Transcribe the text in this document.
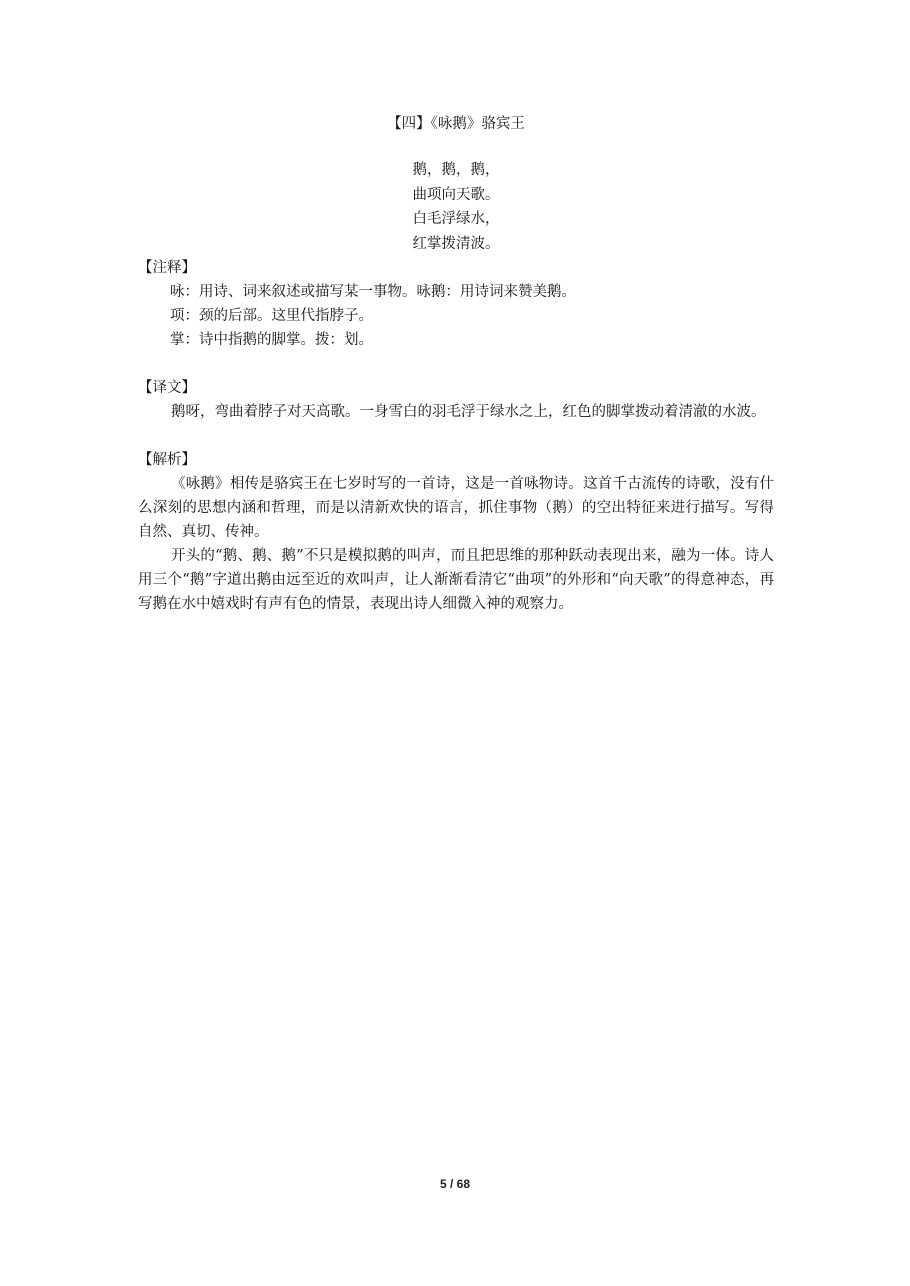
【四】《咏鹅》骆宾王

鹅，鹅，鹅，
曲项向天歌。
白毛浮绿水，
红掌拨清波。
【注释】
咏：用诗、词来叙述或描写某一事物。咏鹅：用诗词来赞美鹅。
项：颈的后部。这里代指脖子。
掌：诗中指鹅的脚掌。拨：划。
【译文】

鹅呀，弯曲着脖子对天高歌。一身雪白的羽毛浮于绿水之上，红色的脚掌拨动着清澈的水波。

【解析】

《咏鹅》相传是骆宾王在七岁时写的一首诗，这是一首咏物诗。这首千古流传的诗歌，没有什么深刻的思想内涵和哲理，而是以清新欢快的语言，抓住事物（鹅）的空出特征来进行描写。写得自然、真切、传神。

开头的“鹅、鹅、鹅”不只是模拟鹅的叫声，而且把思维的那种跃动表现出来，融为一体。诗人用三个“鹅”字道出鹅由远至近的欢叫声，让人渐渐看清它“曲项”的外形和“向天歌”的得意神态，再写鹅在水中嬉戏时有声有色的情景，表现出诗人细微入神的观察力。

5 / 68
